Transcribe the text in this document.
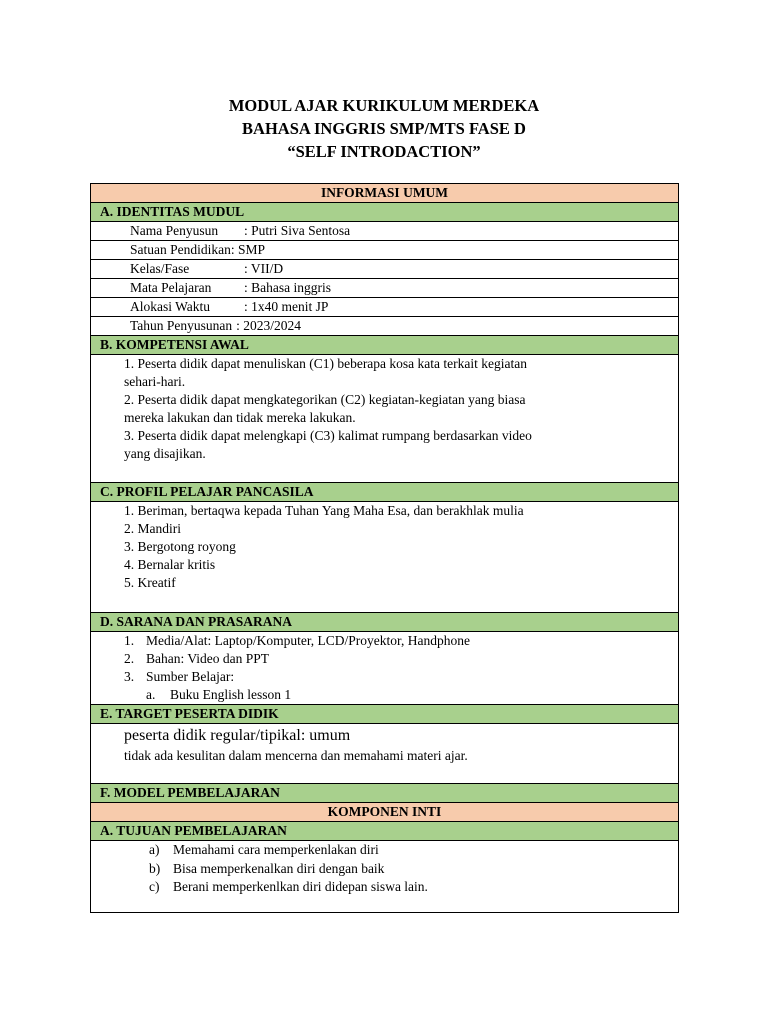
MODUL AJAR KURIKULUM MERDEKA
BAHASA INGGRIS SMP/MTS FASE D
“SELF INTRODACTION”
INFORMASI UMUM
A. IDENTITAS MUDUL
Nama Penyusun : Putri Siva Sentosa
Satuan Pendidikan: SMP
Kelas/Fase	: VII/D
Mata Pelajaran : Bahasa inggris
Alokasi Waktu	: 1x40 menit JP
Tahun Penyusunan : 2023/2024
B. KOMPETENSI AWAL

1. Peserta didik dapat menuliskan (C1) beberapa kosa kata terkait kegiatan

sehari-hari.

2. Peserta didik dapat mengkategorikan (C2) kegiatan-kegiatan yang biasa

mereka lakukan dan tidak mereka lakukan.

3. Peserta didik dapat melengkapi (C3) kalimat rumpang berdasarkan video

yang disajikan.

C. PROFIL PELAJAR PANCASILA

1. Beriman, bertaqwa kepada Tuhan Yang Maha Esa, dan berakhlak mulia

2. Mandiri

3. Bergotong royong

4. Bernalar kritis

5. Kreatif

D. SARANA DAN PRASARANA

1. Media/Alat: Laptop/Komputer, LCD/Proyektor, Handphone
2. Bahan: Video dan PPT
3. Sumber Belajar:
a.	Buku English lesson 1

E. TARGET PESERTA DIDIK

peserta didik regular/tipikal: umum
tidak ada kesulitan dalam mencerna dan memahami materi ajar.

F. MODEL PEMBELAJARAN
KOMPONEN INTI
A. TUJUAN PEMBELAJARAN

a)	Memahami cara memperkenlakan diri
b) Bisa memperkenalkan diri dengan baik
c)	Berani memperkenlkan diri didepan siswa lain.
